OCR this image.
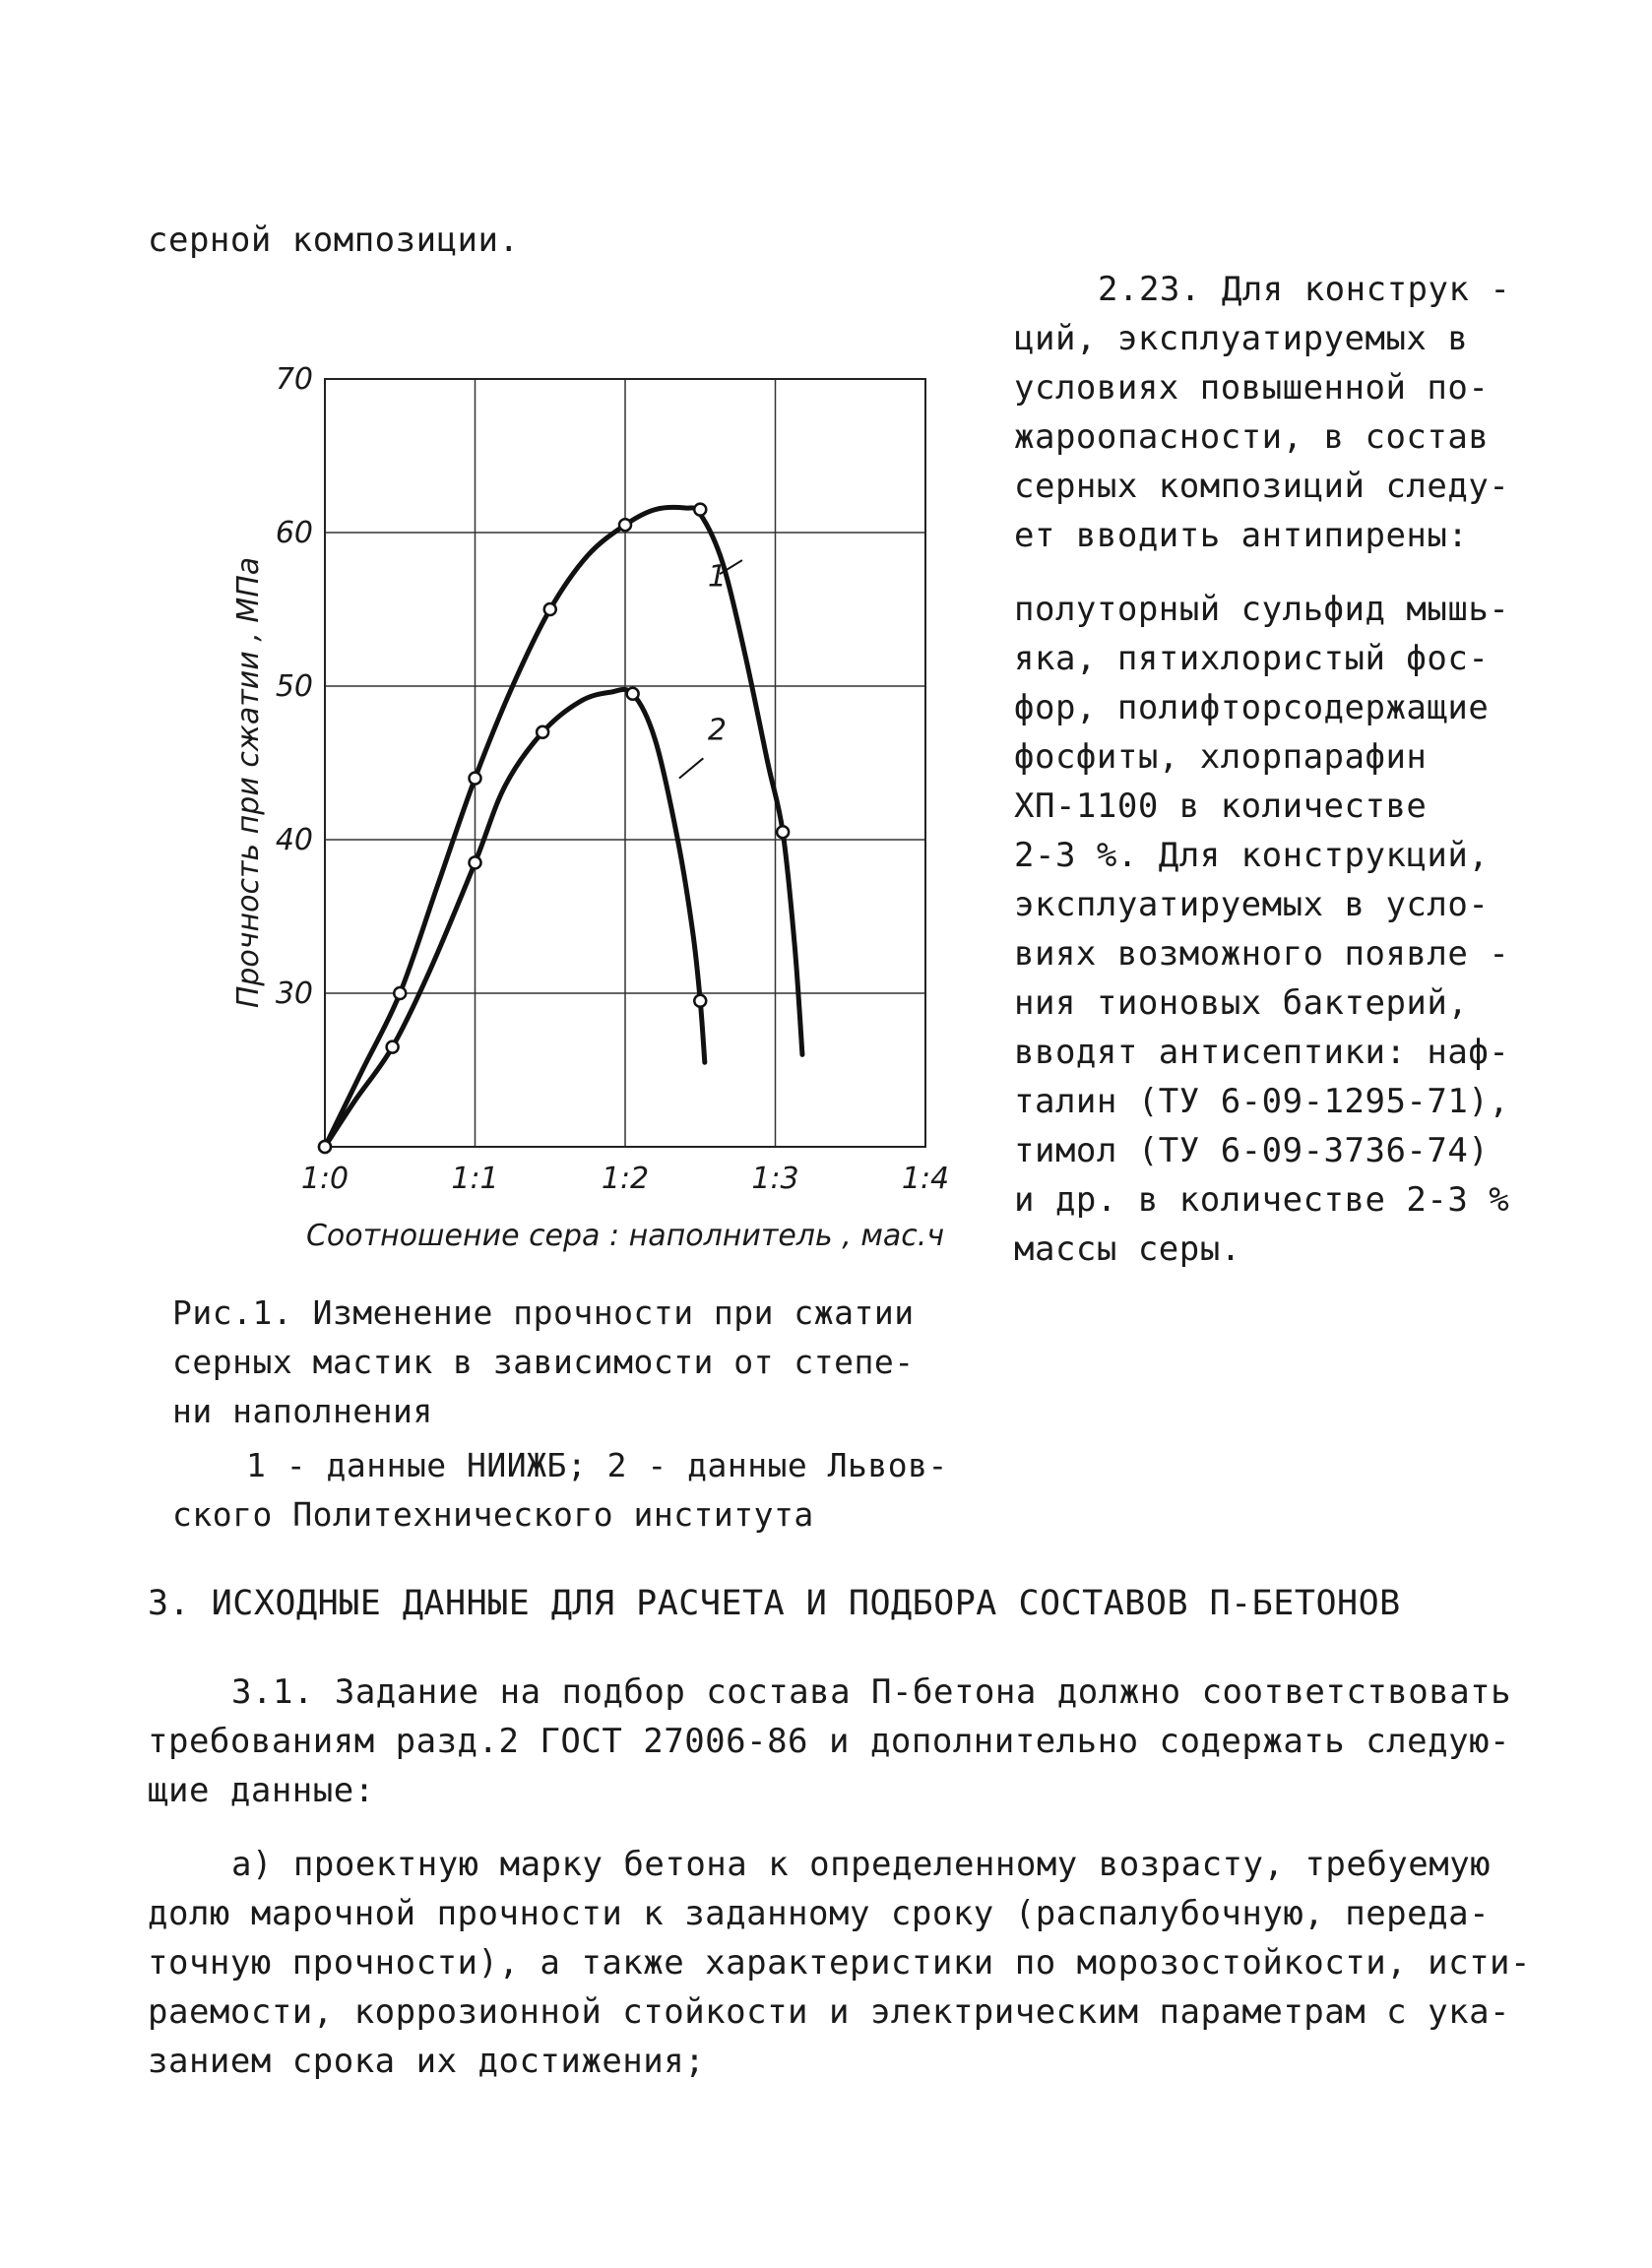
серной композиции.
1:0	1:1	1:2	1:3	1:4
30
40
50
60
70
Соотношение сера : наполнитель , мас.ч
Прочность при сжатии , МПа	1
2
2.23. Для конструк -
ций, эксплуатируемых в
условиях повышенной по-
жароопасности, в состав
серных композиций следу-
ет вводить антипирены:
полуторный сульфид мышь-
яка, пятихлористый фос-
фор, полифторсодержащие
фосфиты, хлорпарафин
ХП-1100 в количестве
2-3 %. Для конструкций,
эксплуатируемых в усло-
виях возможного появле -
ния тионовых бактерий,
вводят антисептики: наф-
талин (ТУ 6-09-1295-71),
тимол (ТУ 6-09-3736-74)
и др. в количестве 2-3 %
массы серы.
Рис.1. Изменение прочности при сжатии
серных мастик в зависимости от степе-
ни наполнения
1 - данные НИИЖБ; 2 - данные Львов-
ского Политехнического института
3. ИСХОДНЫЕ ДАННЫЕ ДЛЯ РАСЧЕТА И ПОДБОРА СОСТАВОВ П-БЕТОНОВ
3.1. Задание на подбор состава П-бетона должно соответствовать
требованиям разд.2 ГОСТ 27006-86 и дополнительно содержать следую-
щие данные:
а) проектную марку бетона к определенному возрасту, требуемую
долю марочной прочности к заданному сроку (распалубочную, переда-
точную прочности), а также характеристики по морозостойкости, исти-
раемости, коррозионной стойкости и электрическим параметрам с ука-
занием срока их достижения;
